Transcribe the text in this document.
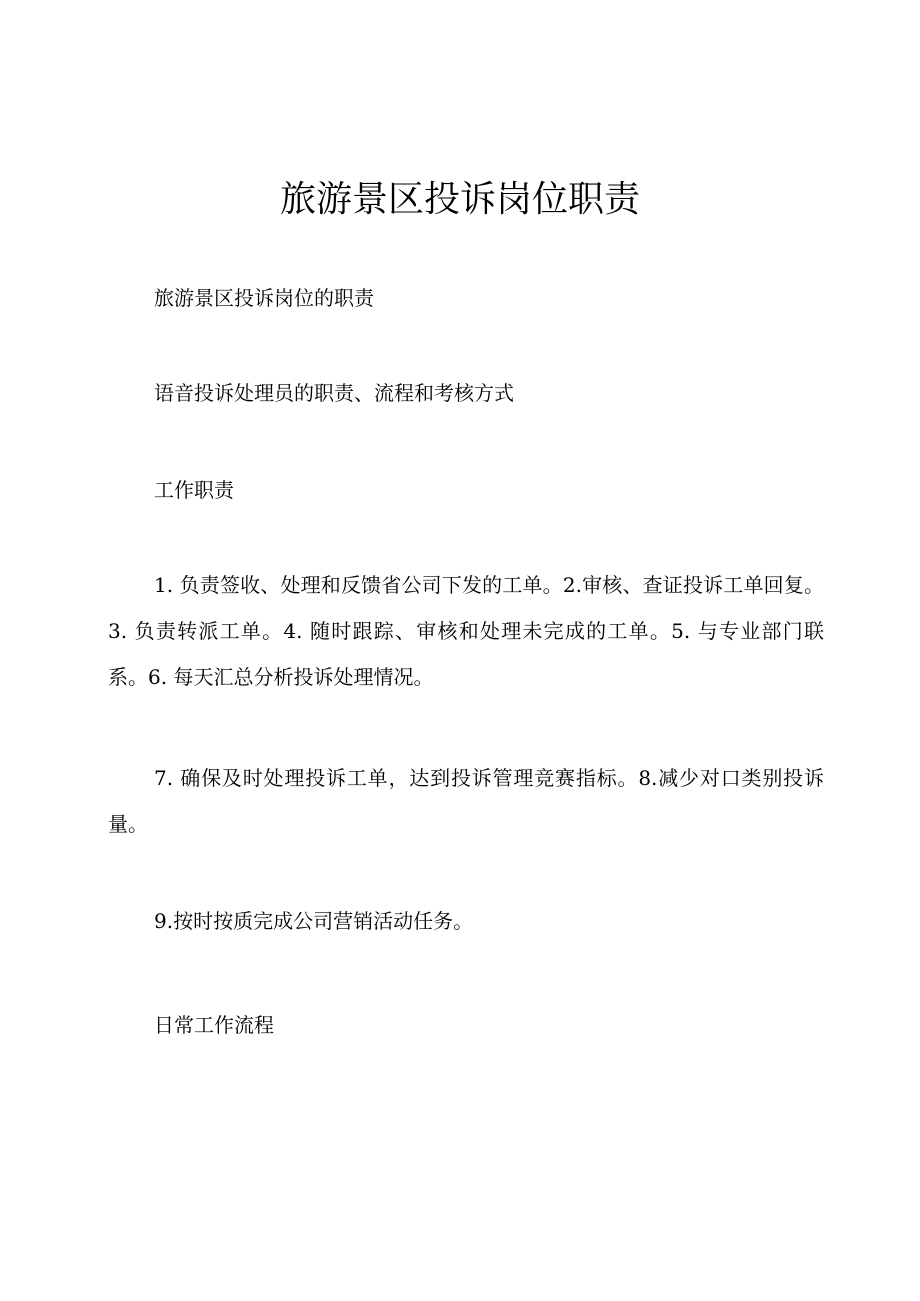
旅游景区投诉岗位职责

旅游景区投诉岗位的职责

语音投诉处理员的职责、流程和考核方式

工作职责

1. 负责签收、处理和反馈省公司下发的工单。2.审核、查证投诉工单回复。3. 负责转派工单。4. 随时跟踪、审核和处理未完成的工单。5. 与专业部门联系。6. 每天汇总分析投诉处理情况。

7. 确保及时处理投诉工单，达到投诉管理竞赛指标。8.减少对口类别投诉量。

9.按时按质完成公司营销活动任务。

日常工作流程
